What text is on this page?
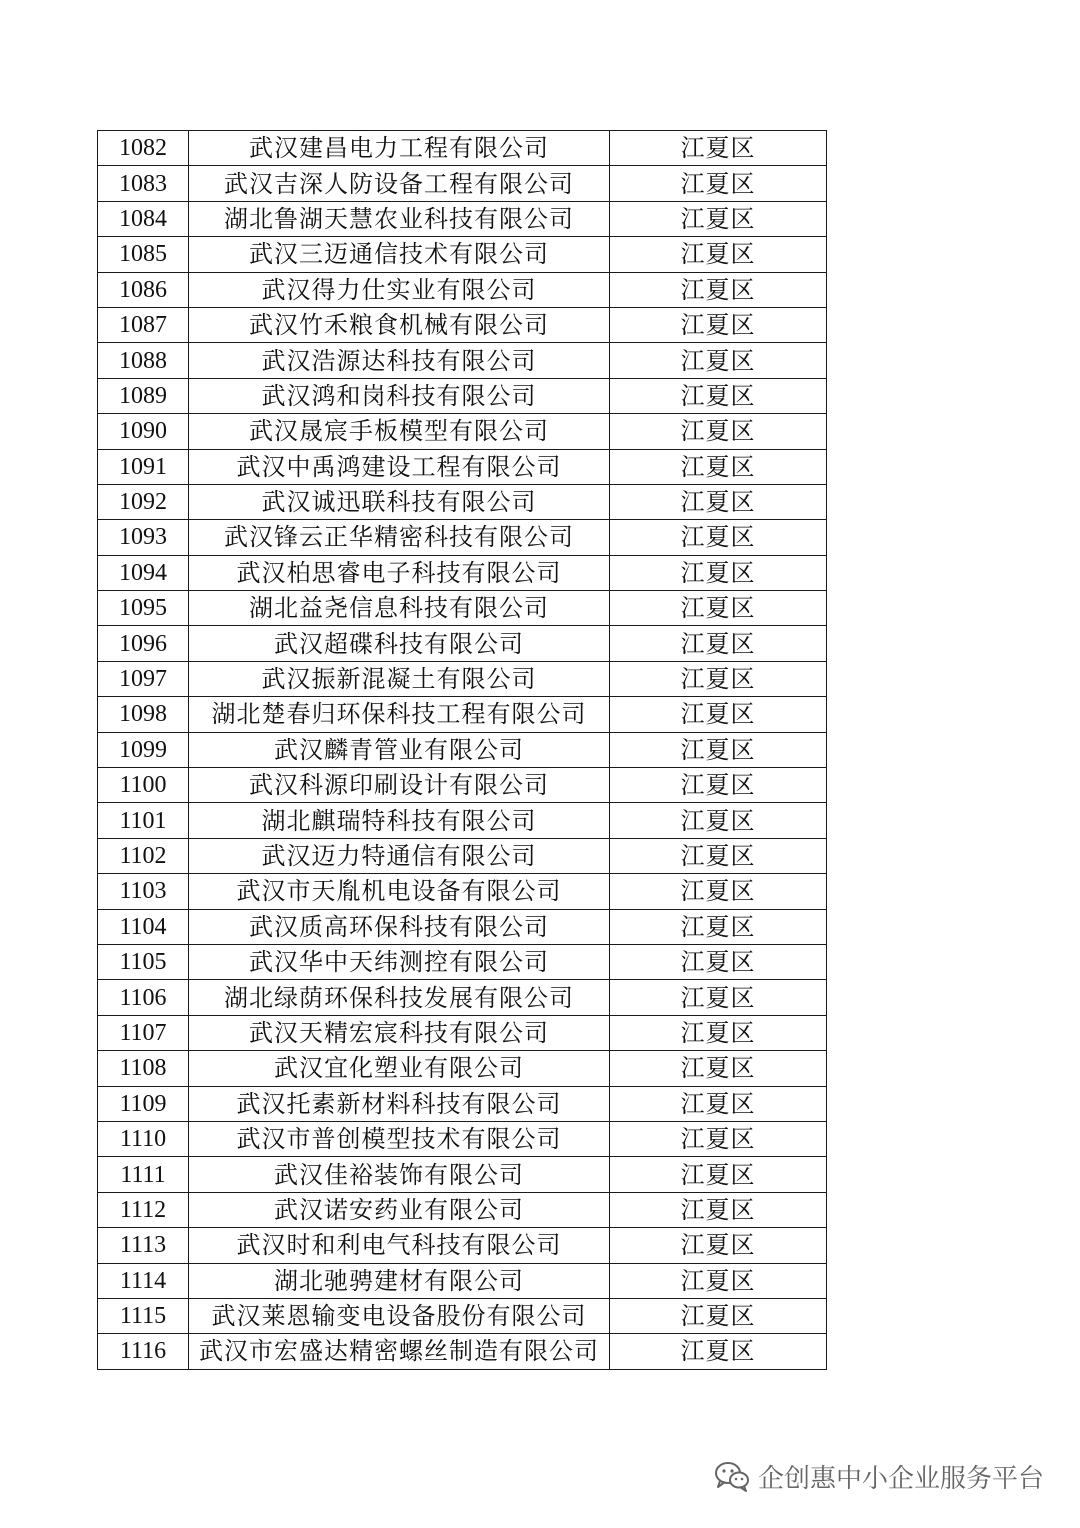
1082	武汉建昌电力工程有限公司	江夏区
1083	武汉吉深人防设备工程有限公司	江夏区
1084	湖北鲁湖天慧农业科技有限公司	江夏区
1085	武汉三迈通信技术有限公司	江夏区
1086	武汉得力仕实业有限公司	江夏区
1087	武汉竹禾粮食机械有限公司	江夏区
1088	武汉浩源达科技有限公司	江夏区
1089	武汉鸿和岗科技有限公司	江夏区
1090	武汉晟宸手板模型有限公司	江夏区
1091	武汉中禹鸿建设工程有限公司	江夏区
1092	武汉诚迅联科技有限公司	江夏区
1093	武汉锋云正华精密科技有限公司	江夏区
1094	武汉柏思睿电子科技有限公司	江夏区
1095	湖北益尧信息科技有限公司	江夏区
1096	武汉超碟科技有限公司	江夏区
1097	武汉振新混凝土有限公司	江夏区
1098	湖北楚春归环保科技工程有限公司	江夏区
1099	武汉麟青管业有限公司	江夏区
1100	武汉科源印刷设计有限公司	江夏区
1101	湖北麒瑞特科技有限公司	江夏区
1102	武汉迈力特通信有限公司	江夏区
1103	武汉市天胤机电设备有限公司	江夏区
1104	武汉质高环保科技有限公司	江夏区
1105	武汉华中天纬测控有限公司	江夏区
1106	湖北绿荫环保科技发展有限公司	江夏区
1107	武汉天精宏宸科技有限公司	江夏区
1108	武汉宜化塑业有限公司	江夏区
1109	武汉托素新材料科技有限公司	江夏区
1110	武汉市普创模型技术有限公司	江夏区
1111	武汉佳裕装饰有限公司	江夏区
1112	武汉诺安药业有限公司	江夏区
1113	武汉时和利电气科技有限公司	江夏区
1114	湖北驰骋建材有限公司	江夏区
1115	武汉莱恩输变电设备股份有限公司	江夏区
1116	武汉市宏盛达精密螺丝制造有限公司	江夏区
企创惠中小企业服务平台
